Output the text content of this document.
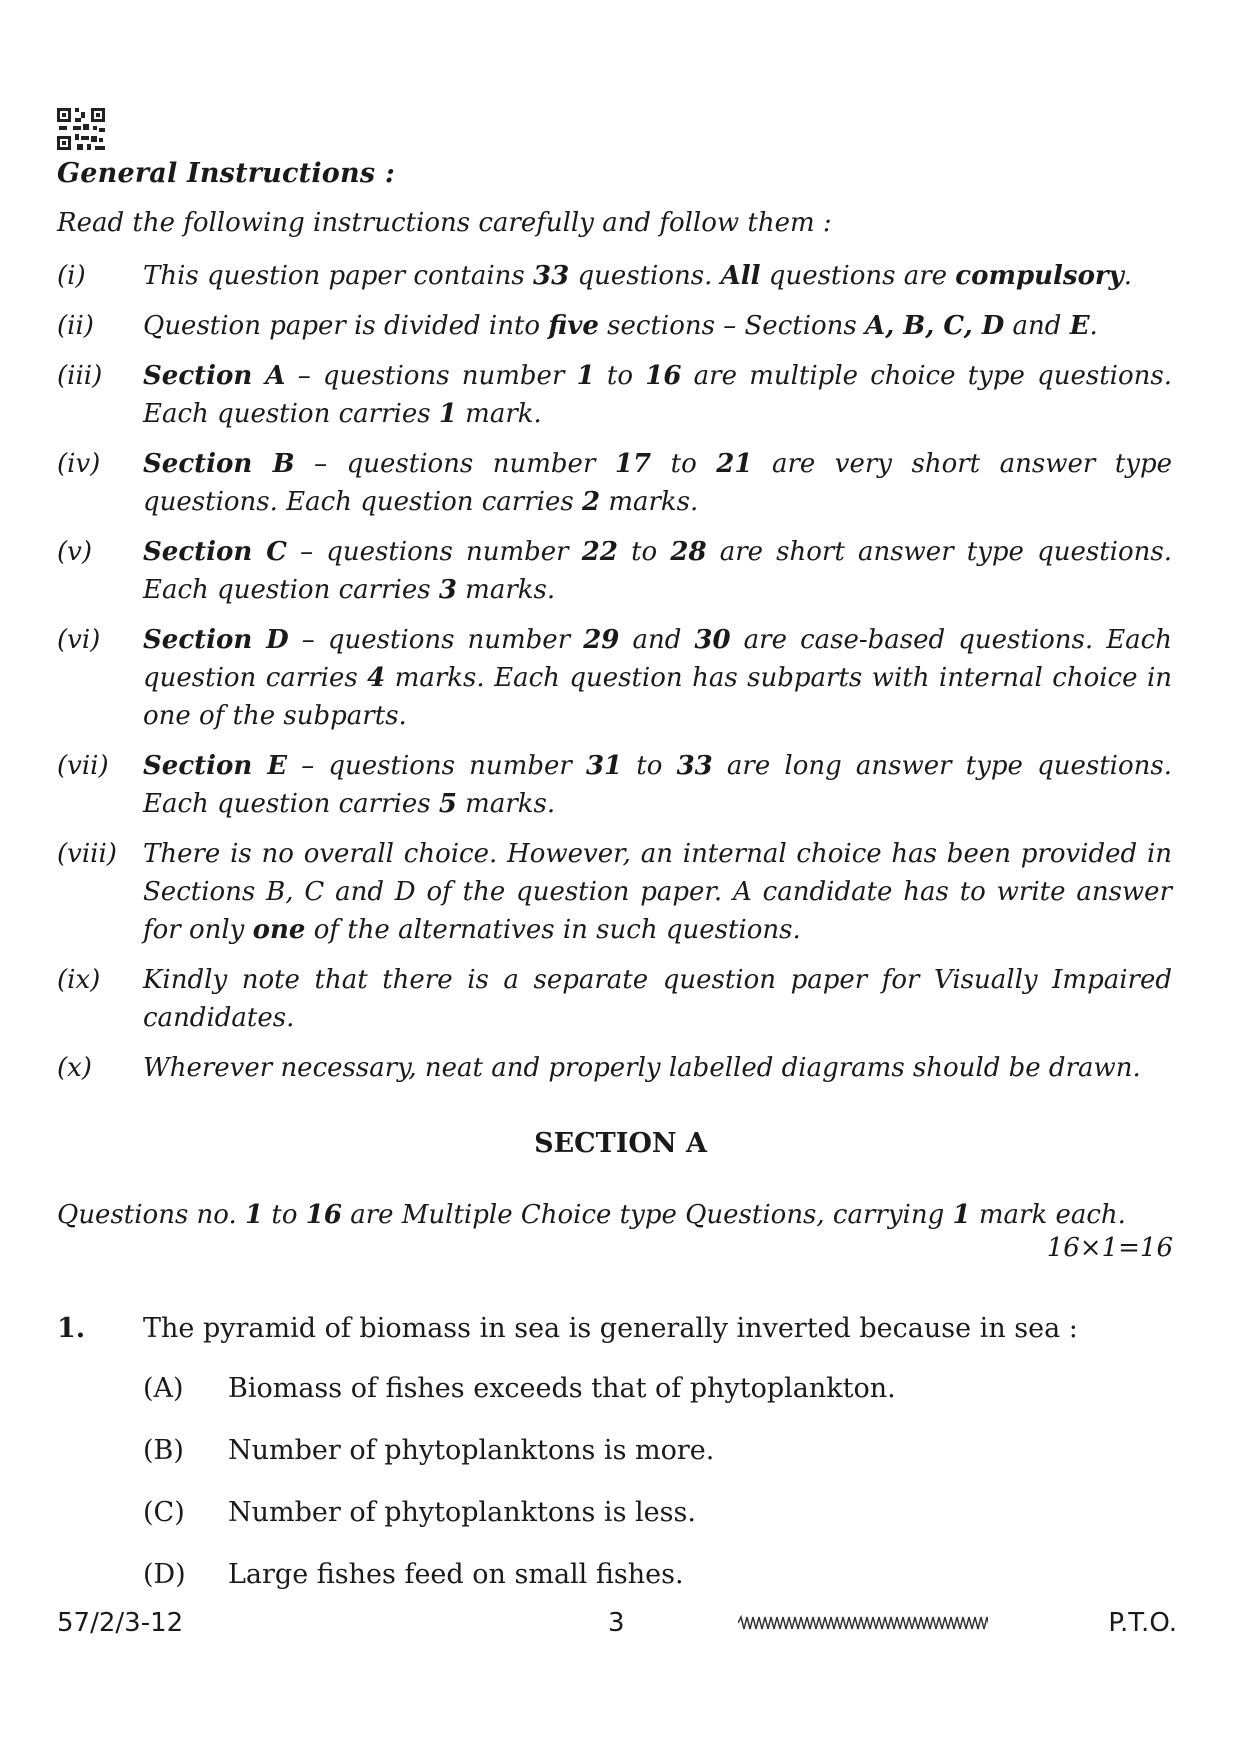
General Instructions :
Read the following instructions carefully and follow them :
(i) This question paper contains 33 questions. All questions are compulsory.
(ii) Question paper is divided into five sections – Sections A, B, C, D and E.
(iii) Section A – questions number 1 to 16 are multiple choice type questions. Each question carries 1 mark.
(iv) Section B – questions number 17 to 21 are very short answer type questions. Each question carries 2 marks.
(v) Section C – questions number 22 to 28 are short answer type questions. Each question carries 3 marks.
(vi) Section D – questions number 29 and 30 are case-based questions. Each question carries 4 marks. Each question has subparts with internal choice in one of the subparts.
(vii) Section E – questions number 31 to 33 are long answer type questions. Each question carries 5 marks.
(viii) There is no overall choice. However, an internal choice has been provided in Sections B, C and D of the question paper. A candidate has to write answer for only one of the alternatives in such questions.
(ix) Kindly note that there is a separate question paper for Visually Impaired candidates.
(x) Wherever necessary, neat and properly labelled diagrams should be drawn.
SECTION A
Questions no. 1 to 16 are Multiple Choice type Questions, carrying 1 mark each.
16×1=16
1. The pyramid of biomass in sea is generally inverted because in sea :
(A) Biomass of fishes exceeds that of phytoplankton.
(B) Number of phytoplanktons is more.
(C) Number of phytoplanktons is less.
(D) Large fishes feed on small fishes.
57/2/3-12	3	P.T.O.
